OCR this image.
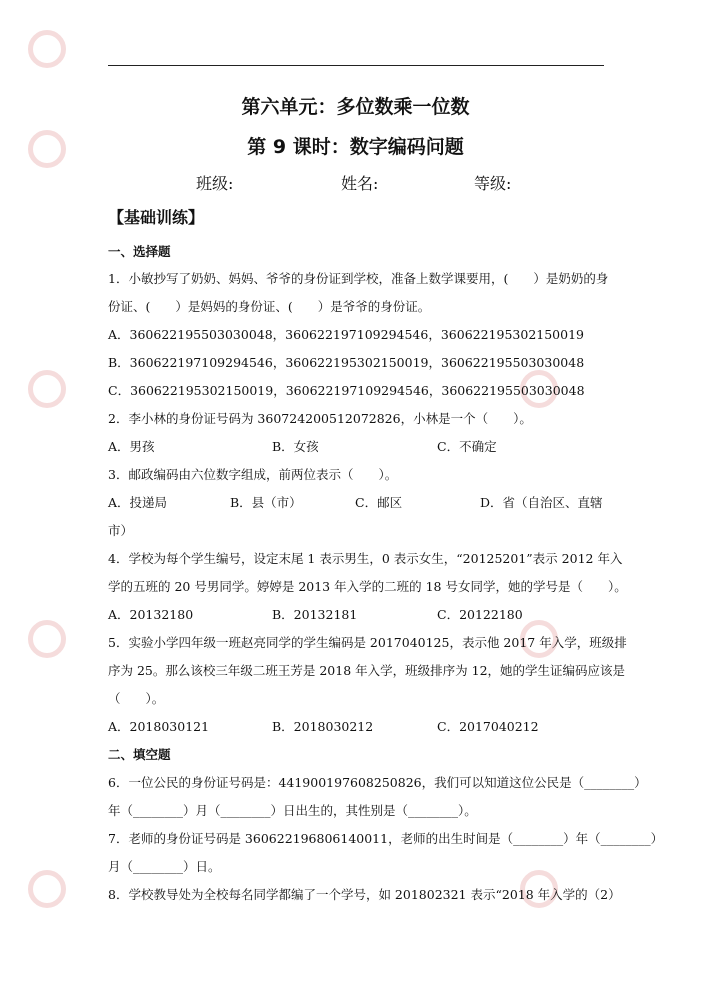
第六单元：多位数乘一位数
第 9 课时：数字编码问题
班级:	姓名:	等级:
【基础训练】
一、选择题
1．小敏抄写了奶奶、妈妈、爷爷的身份证到学校，准备上数学课要用，(　　）是奶奶的身
份证、(　　）是妈妈的身份证、(　　）是爷爷的身份证。
A．360622195503030048，360622197109294546，360622195302150019
B．360622197109294546，360622195302150019，360622195503030048
C．360622195302150019，360622197109294546，360622195503030048
2．李小林的身份证号码为 360724200512072826，小林是一个（　　）。
A．男孩	B．女孩	C．不确定
3．邮政编码由六位数字组成，前两位表示（　　）。
A．投递局	B．县（市）	C．邮区	D．省（自治区、直辖
市）
4．学校为每个学生编号，设定末尾 1 表示男生，0 表示女生，“20125201”表示 2012 年入
学的五班的 20 号男同学。婷婷是 2013 年入学的二班的 18 号女同学，她的学号是（　　）。
A．20132180	B．20132181	C．20122180
5．实验小学四年级一班赵亮同学的学生编码是 2017040125，表示他 2017 年入学，班级排
序为 25。那么该校三年级二班王芳是 2018 年入学，班级排序为 12，她的学生证编码应该是
（　　）。
A．2018030121	B．2018030212	C．2017040212
二、填空题
6．一位公民的身份证号码是：441900197608250826，我们可以知道这位公民是（________）
年（________）月（________）日出生的，其性别是（________）。
7．老师的身份证号码是 360622196806140011，老师的出生时间是（________）年（________）
月（________）日。
8．学校教导处为全校每名同学都编了一个学号，如 201802321 表示“2018 年入学的（2）
